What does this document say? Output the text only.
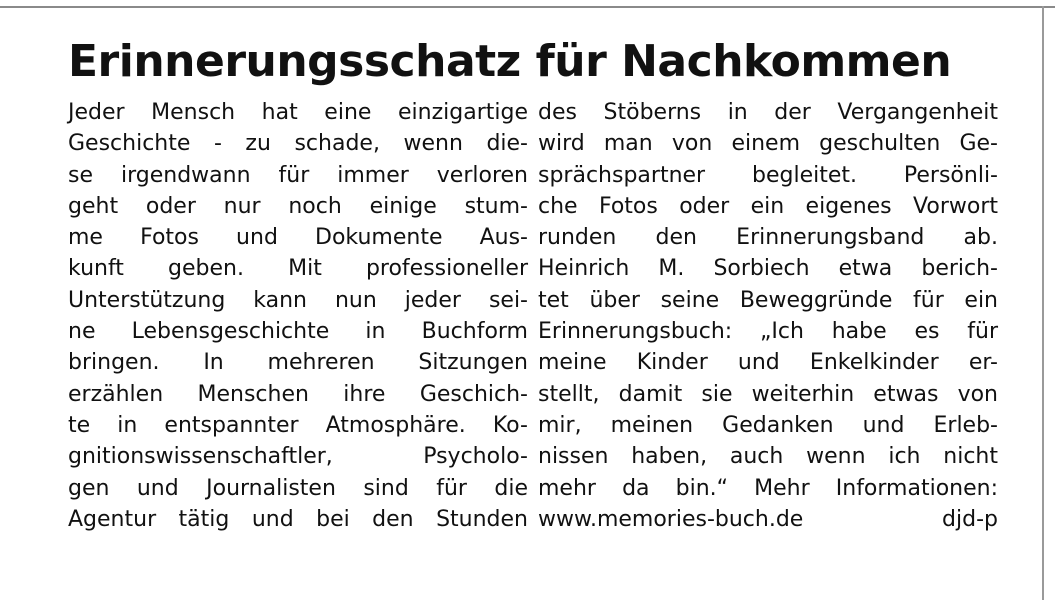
Erinnerungsschatz für Nachkommen
Jeder Mensch hat eine einzigartige
Geschichte - zu schade, wenn die-
se irgendwann für immer verloren
geht oder nur noch einige stum-
me Fotos und Dokumente Aus-
kunft geben. Mit professioneller
Unterstützung kann nun jeder sei-
ne Lebensgeschichte in Buchform
bringen. In mehreren Sitzungen
erzählen Menschen ihre Geschich-
te in entspannter Atmosphäre. Ko-
gnitionswissenschaftler, Psycholo-
gen und Journalisten sind für die
Agentur tätig und bei den Stunden
des Stöberns in der Vergangenheit
wird man von einem geschulten Ge-
sprächspartner begleitet. Persönli-
che Fotos oder ein eigenes Vorwort
runden den Erinnerungsband ab.
Heinrich M. Sorbiech etwa berich-
tet über seine Beweggründe für ein
Erinnerungsbuch: „Ich habe es für
meine Kinder und Enkelkinder er-
stellt, damit sie weiterhin etwas von
mir, meinen Gedanken und Erleb-
nissen haben, auch wenn ich nicht
mehr da bin.“ Mehr Informationen:
www.memories-buch.de	djd-p
